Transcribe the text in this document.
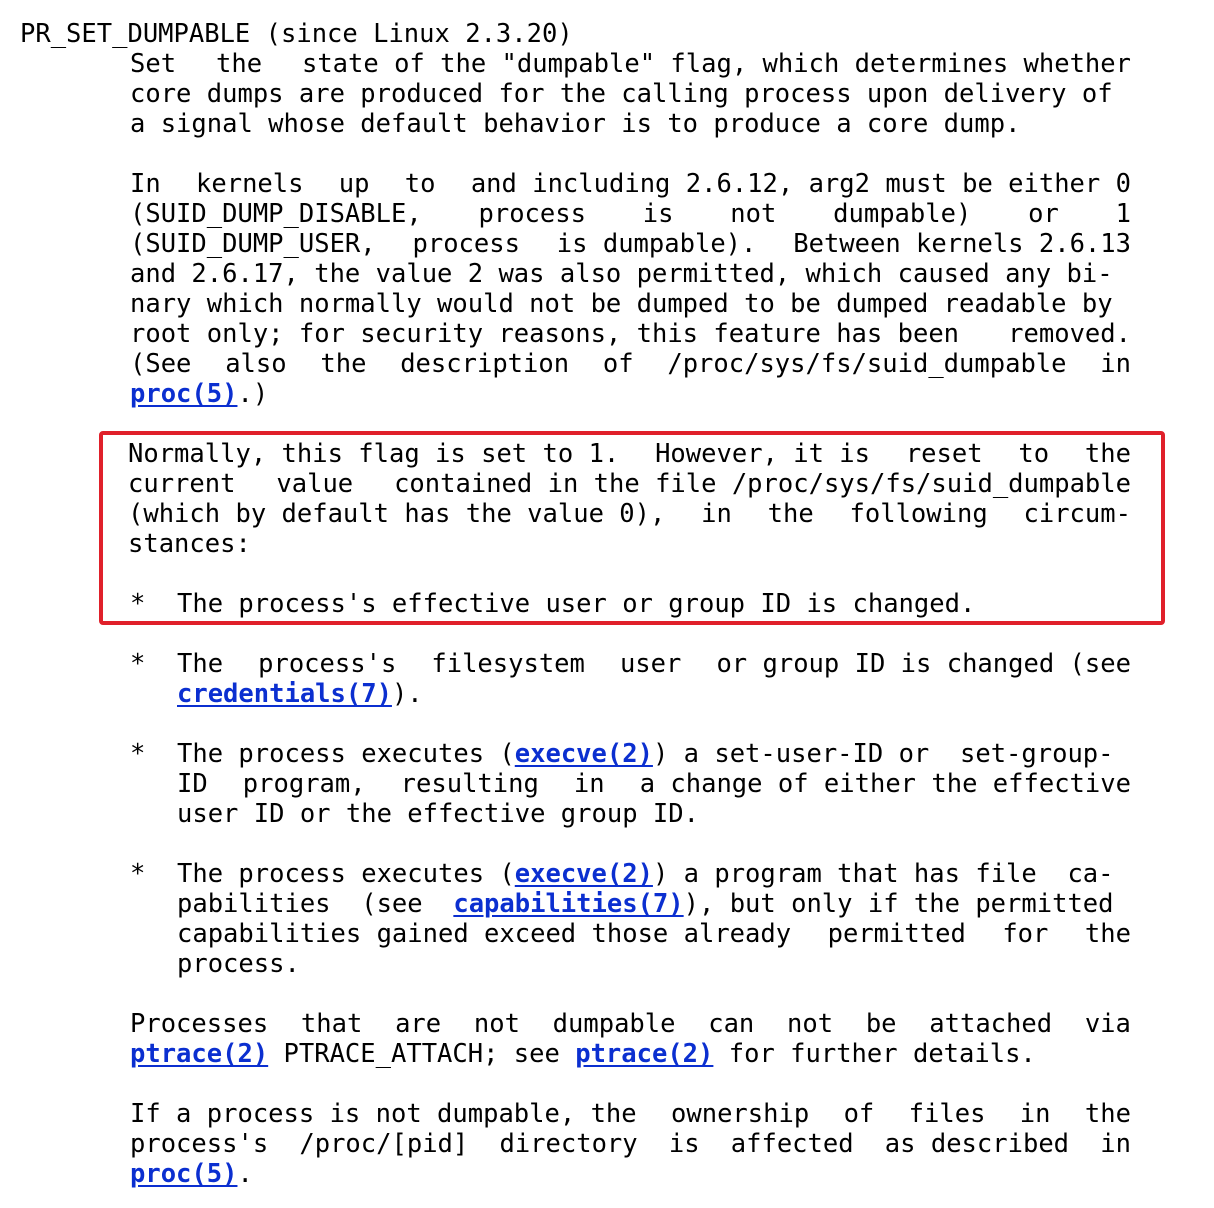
PR_SET_DUMPABLE (since Linux 2.3.20)
Set the state of the "dumpable" flag, which determines whether
core dumps are produced for the calling process upon delivery of
a signal whose default behavior is to produce a core dump.
In kernels up to and including 2.6.12, arg2 must be either 0
(SUID_DUMP_DISABLE, process is not dumpable) or 1
(SUID_DUMP_USER, process is dumpable). Between kernels 2.6.13
and 2.6.17, the value 2 was also permitted, which caused any bi-
nary which normally would not be dumped to be dumped readable by
root only; for security reasons, this feature has been removed.
(See also the description of /proc/sys/fs/suid_dumpable in
proc(5).)
Normally, this flag is set to 1. However, it is reset to the
current value contained in the file /proc/sys/fs/suid_dumpable
(which by default has the value 0), in the following circum-
stances:
* The process's effective user or group ID is changed.
* The process's filesystem user or group ID is changed (see
credentials(7)).
* The process executes (execve(2)) a set-user-ID or  set-group-
ID program, resulting in a change of either the effective
user ID or the effective group ID.
* The process executes (execve(2)) a program that has file  ca-
pabilities  (see  capabilities(7)), but only if the permitted
capabilities gained exceed those already permitted for the
process.
Processes that are not dumpable can not be attached via
ptrace(2) PTRACE_ATTACH; see ptrace(2) for further details.
If a process is not dumpable, the ownership of files in the
process's /proc/[pid] directory is affected as described in
proc(5).
